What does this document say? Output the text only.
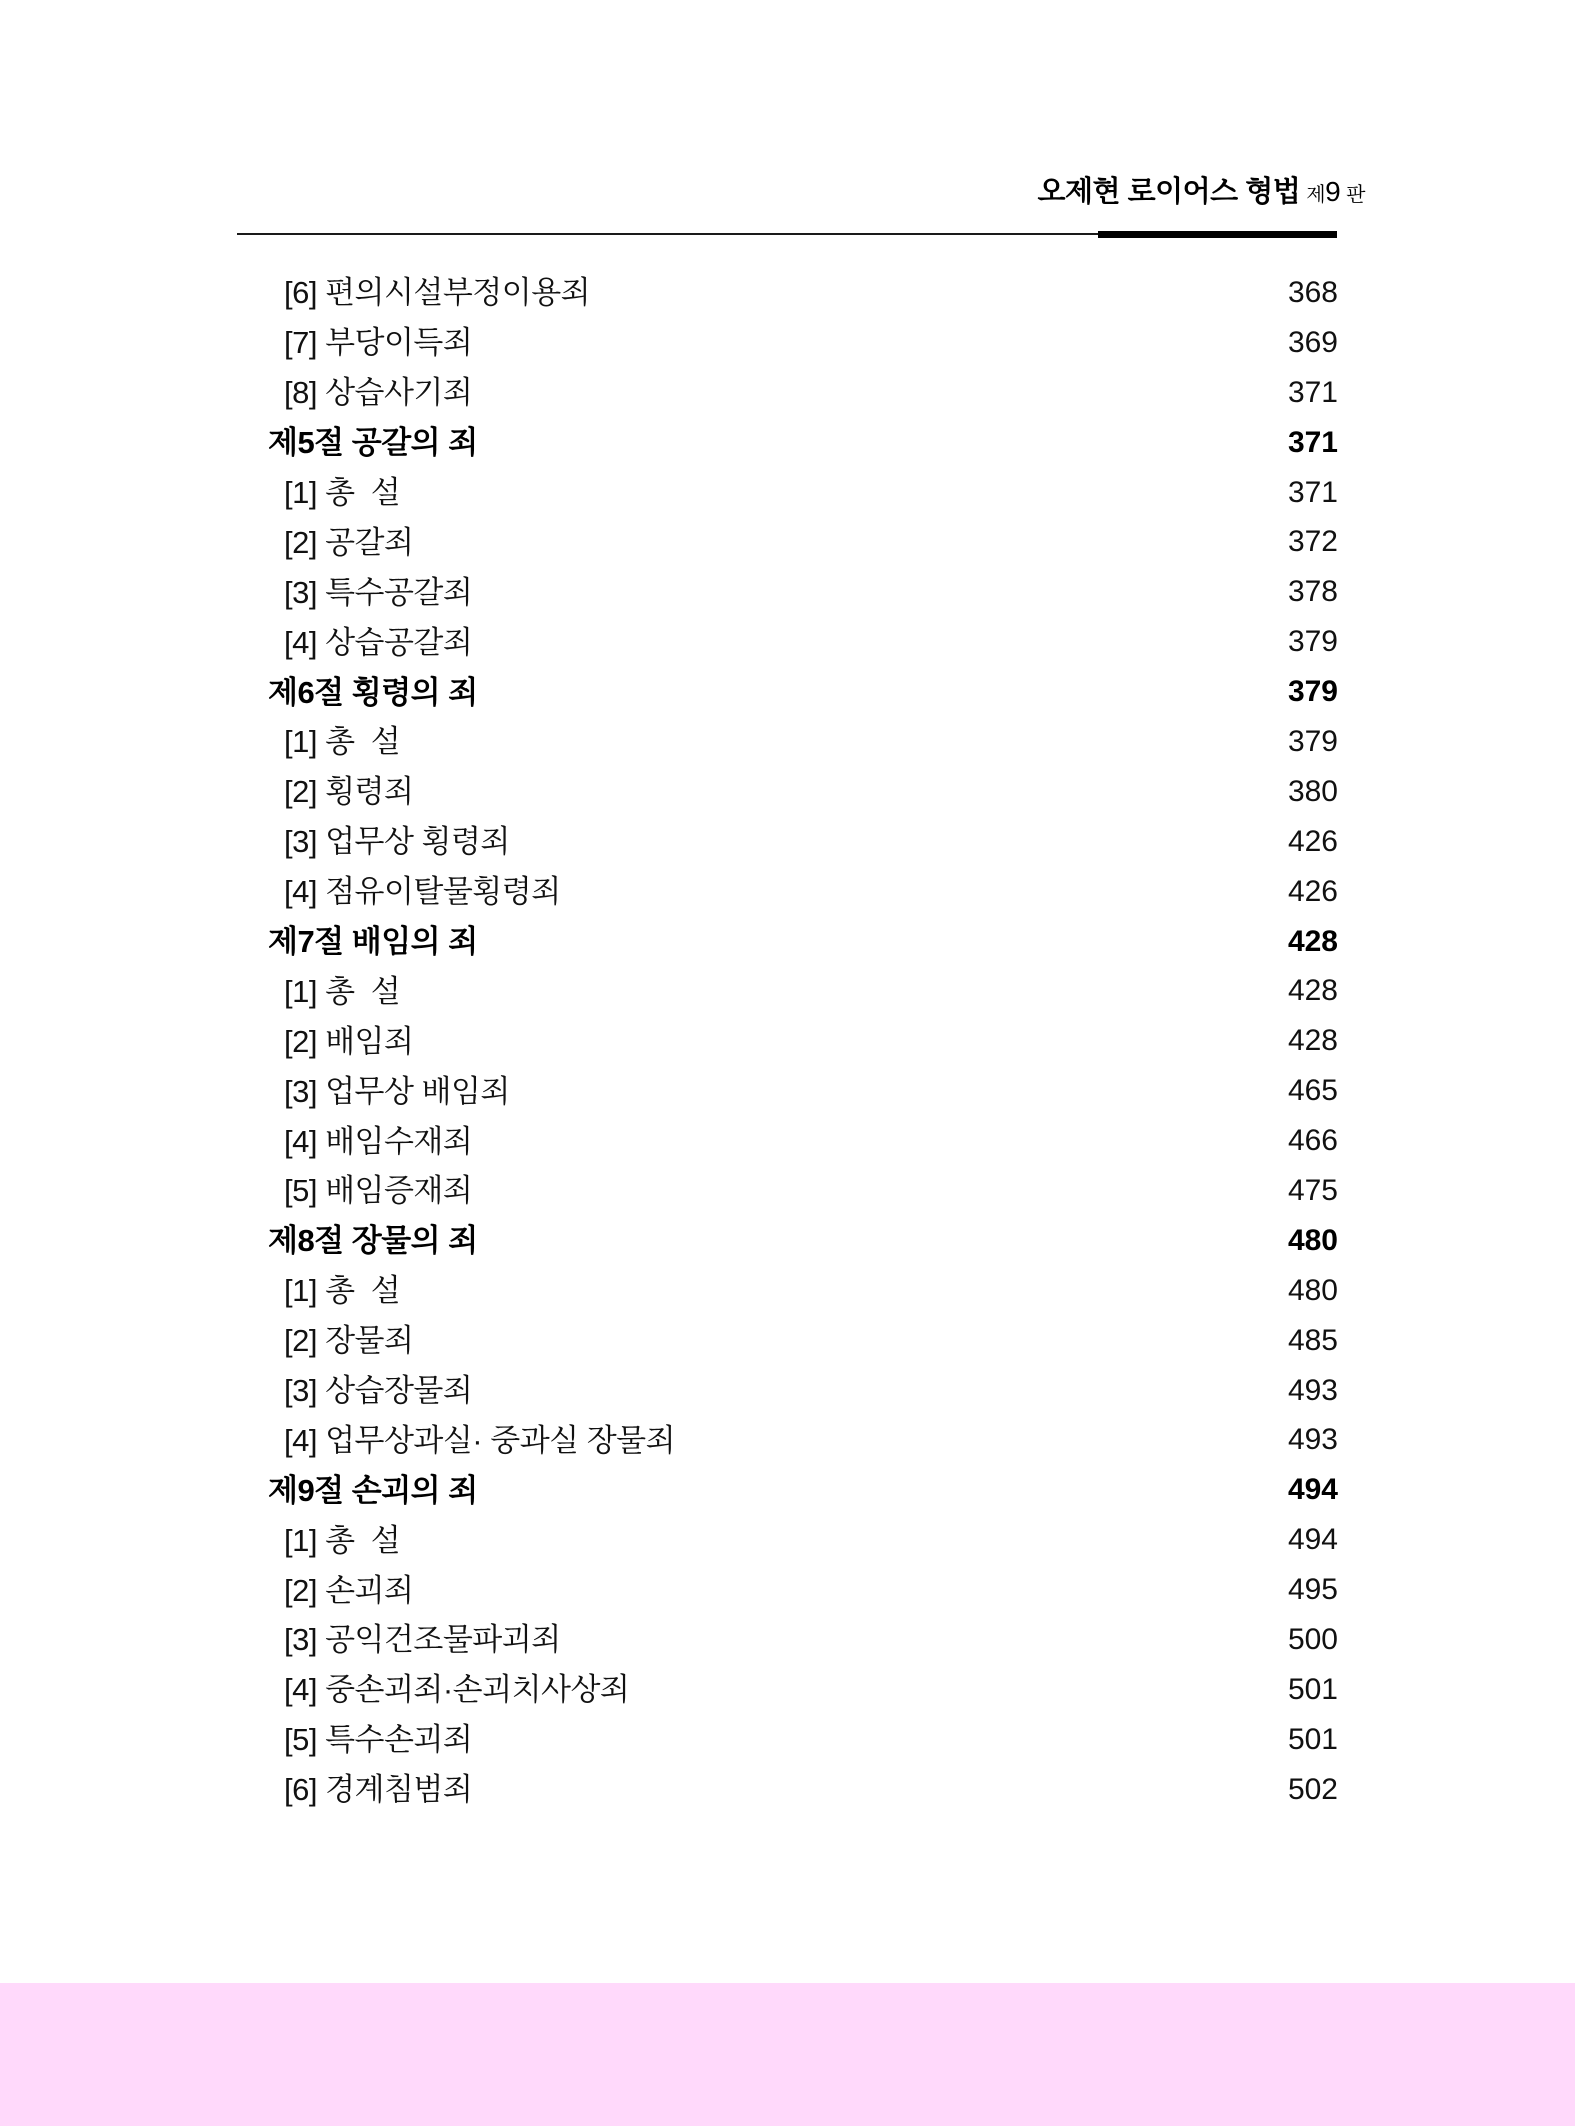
오제현 로이어스 형법 제9 판
[6] 편의시설부정이용죄	368
[7] 부당이득죄	369
[8] 상습사기죄	371
제5절 공갈의 죄	371
[1] 총  설	371
[2] 공갈죄	372
[3] 특수공갈죄	378
[4] 상습공갈죄	379
제6절 횡령의 죄	379
[1] 총  설	379
[2] 횡령죄	380
[3] 업무상 횡령죄	426
[4] 점유이탈물횡령죄	426
제7절 배임의 죄	428
[1] 총  설	428
[2] 배임죄	428
[3] 업무상 배임죄	465
[4] 배임수재죄	466
[5] 배임증재죄	475
제8절 장물의 죄	480
[1] 총  설	480
[2] 장물죄	485
[3] 상습장물죄	493
[4] 업무상과실· 중과실 장물죄	493
제9절 손괴의 죄	494
[1] 총  설	494
[2] 손괴죄	495
[3] 공익건조물파괴죄	500
[4] 중손괴죄·손괴치사상죄	501
[5] 특수손괴죄	501
[6] 경계침범죄	502
